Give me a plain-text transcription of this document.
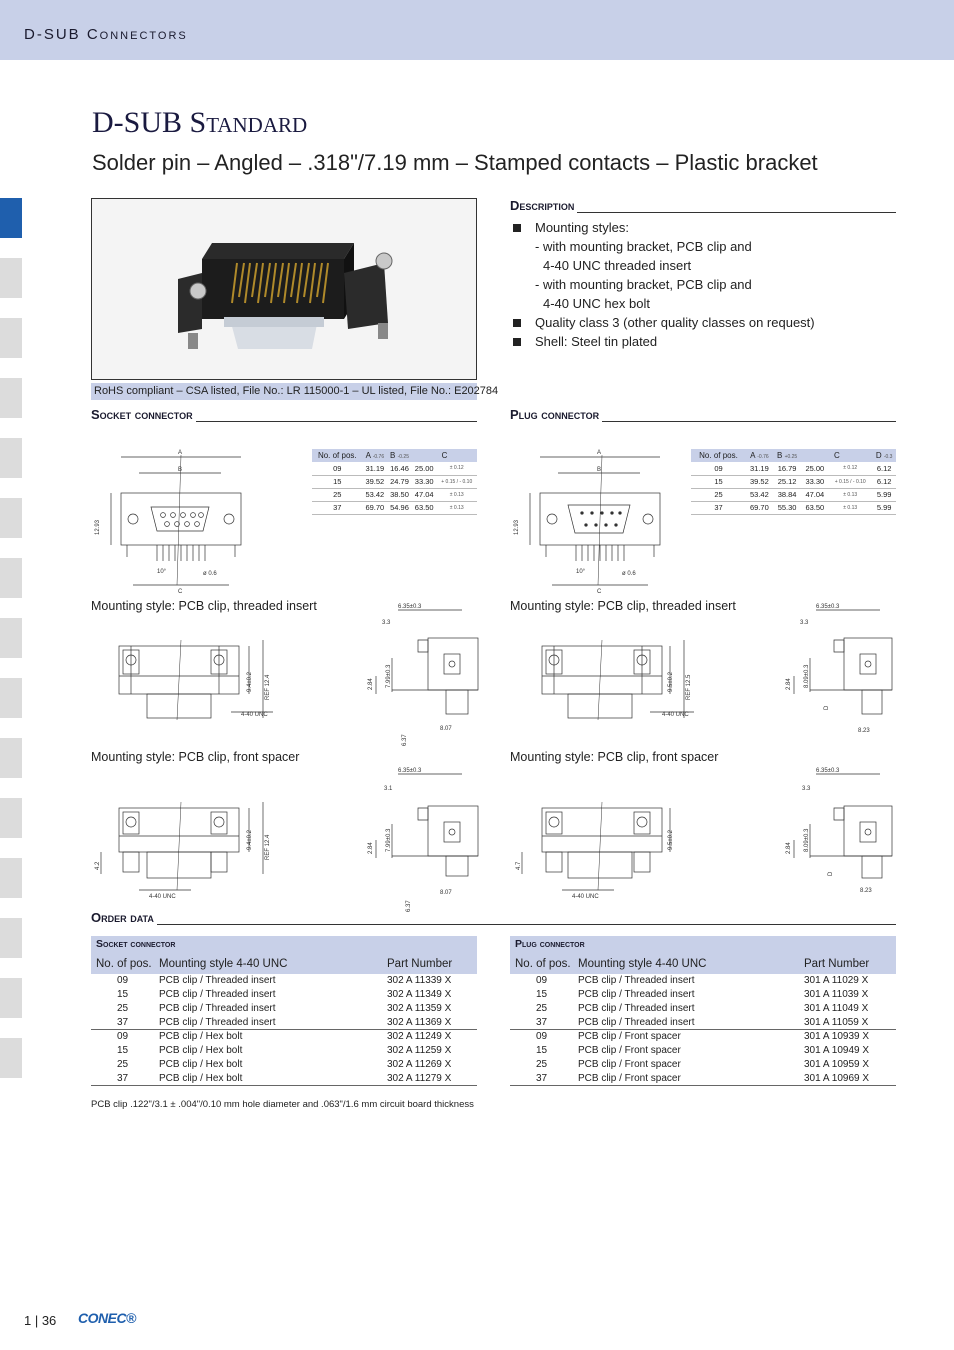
D-SUB Connectors
D-SUB Standard
Solder pin – Angled – .318"/7.19 mm – Stamped contacts – Plastic bracket
RoHS compliant – CSA listed, File No.: LR 115000-1 – UL listed, File No.: E202784
Description
Mounting styles:
- with mounting bracket, PCB clip and
4-40 UNC threaded insert
- with mounting bracket, PCB clip and
4-40 UNC hex bolt
Quality class 3 (other quality classes on request)
Shell: Steel tin plated
Socket connector	Plug connector
No. of pos.	A -0.76	B -0.25	C	
09	31.19	16.46	25.00	± 0.12
15	39.52	24.79	33.30	+ 0.15 / - 0.10
25	53.42	38.50	47.04	± 0.13
37	69.70	54.96	63.50	± 0.13
No. of pos.	A -0.76	B +0.25	C		D -0.3
09	31.19	16.79	25.00	± 0.12	6.12
15	39.52	25.12	33.30	+ 0.15 / - 0.10	6.12
25	53.42	38.84	47.04	± 0.13	5.99
37	69.70	55.30	63.50	± 0.13	5.99
A
B
C
10°	ø 0.6
12.93
A
B
C
10°	ø 0.6
12.93
Mounting style: PCB clip, threaded insert	Mounting style: PCB clip, threaded insert
Mounting style: PCB clip, front spacer	Mounting style: PCB clip, front spacer
9.4±0.2 REF 12.4
4-40 UNC
6.35±0.3
3.3
2.84 7.99±0.3
6.37
8.07
9.5±0.2 REF 12.5
4-40 UNC
6.35±0.3
3.3
2.84 8.09±0.3
D
8.23
4.2
9.4±0.2 REF 12.4
4-40 UNC
6.35±0.3
3.1
2.84 7.99±0.3
6.37
8.07
4.7
9.5±0.2
4-40 UNC
6.35±0.3
3.3
2.84 8.09±0.3
D
8.23
Order data
Socket connector
No. of pos. Mounting style 4-40 UNC	Part Number
09	PCB clip / Threaded insert	302 A 11339 X
15	PCB clip / Threaded insert	302 A 11349 X
25	PCB clip / Threaded insert	302 A 11359 X
37	PCB clip / Threaded insert	302 A 11369 X
09	PCB clip / Hex bolt	302 A 11249 X
15	PCB clip / Hex bolt	302 A 11259 X
25	PCB clip / Hex bolt	302 A 11269 X
37	PCB clip / Hex bolt	302 A 11279 X
Plug connector
No. of pos. Mounting style 4-40 UNC	Part Number
09	PCB clip / Threaded insert	301 A 11029 X
15	PCB clip / Threaded insert	301 A 11039 X
25	PCB clip / Threaded insert	301 A 11049 X
37	PCB clip / Threaded insert	301 A 11059 X
09	PCB clip / Front spacer	301 A 10939 X
15	PCB clip / Front spacer	301 A 10949 X
25	PCB clip / Front spacer	301 A 10959 X
37	PCB clip / Front spacer	301 A 10969 X
PCB clip .122"/3.1 ± .004"/0.10 mm hole diameter and .063"/1.6 mm circuit board thickness
1 | 36 CONEC®
